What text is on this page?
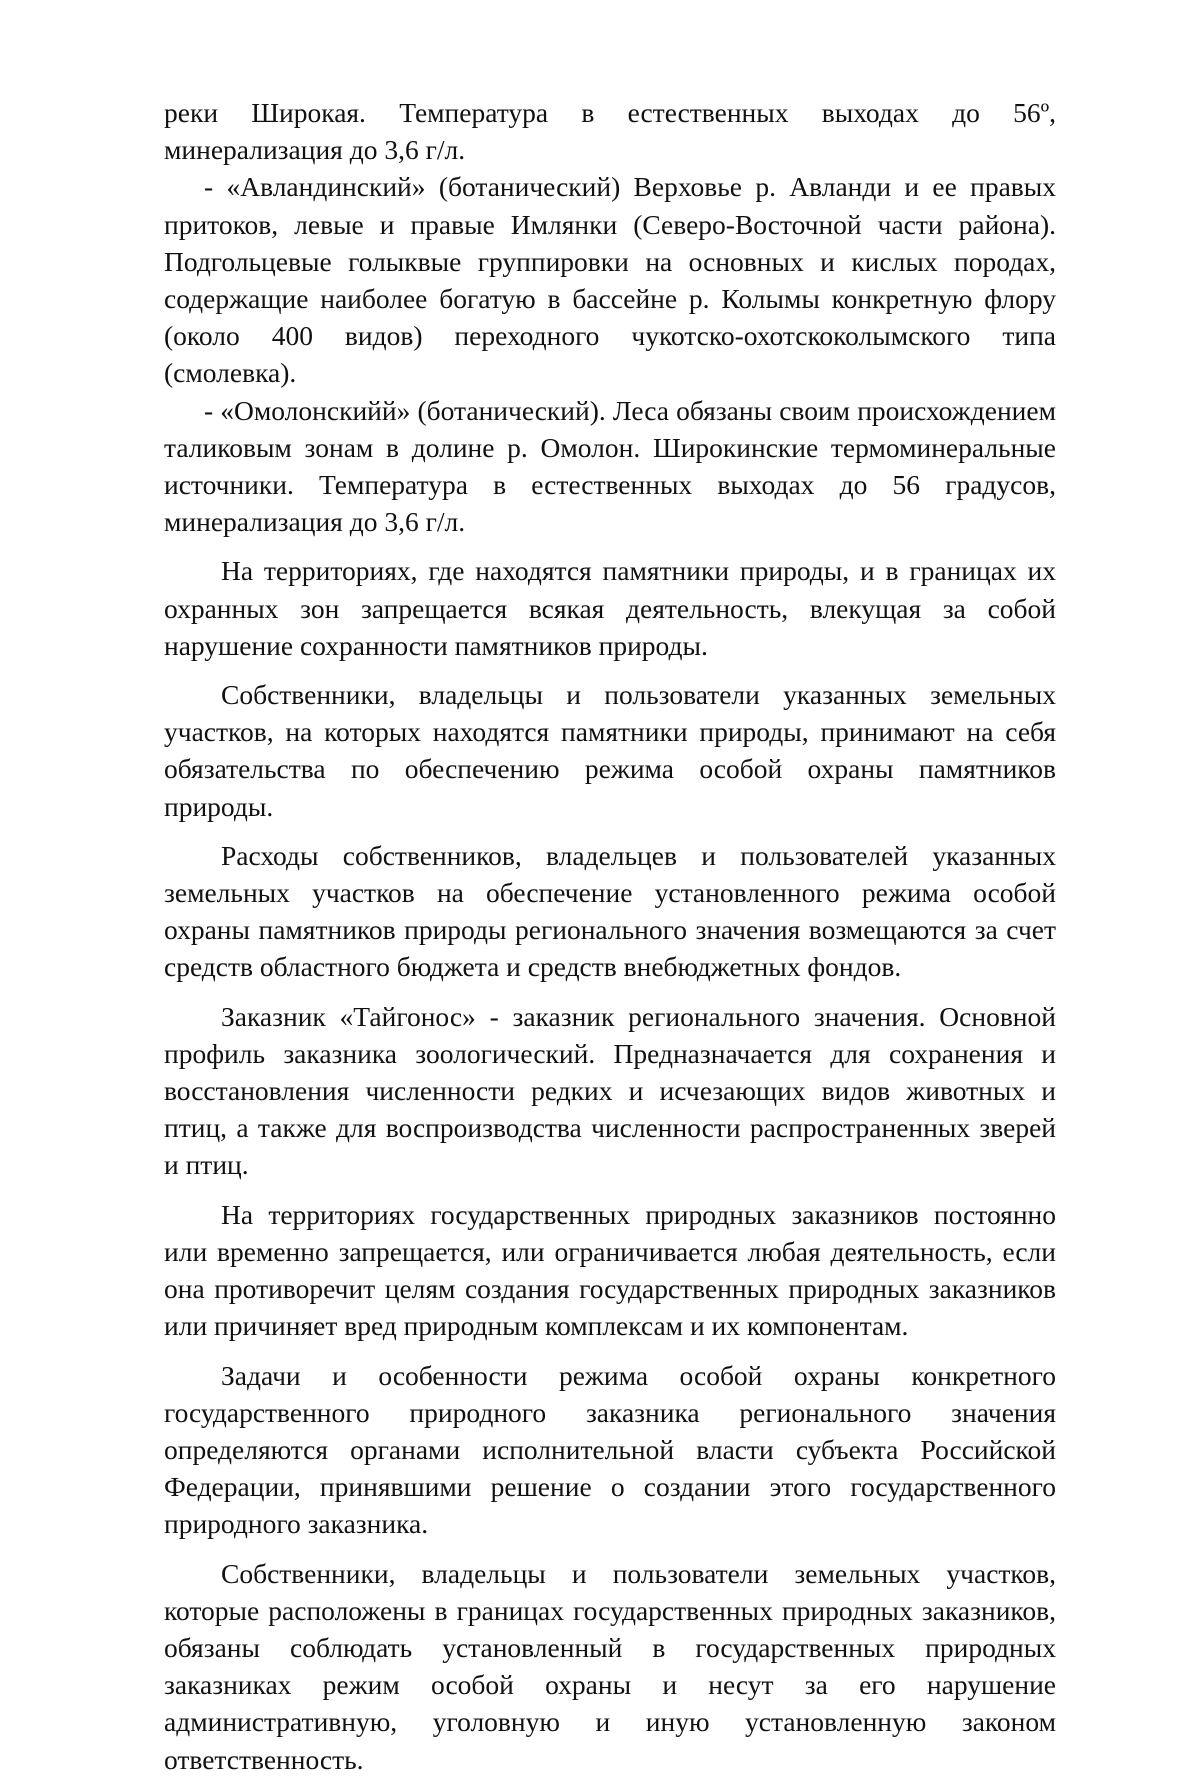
реки Широкая. Температура в естественных выходах до 56º, минерализация до 3,6 г/л.

- «Авландинский» (ботанический) Верховье р. Авланди и ее правых притоков, левые и правые Имлянки (Северо-Восточной части района). Подгольцевые голыквые группировки на основных и кислых породах, содержащие наиболее богатую в бассейне р. Колымы конкретную флору (около 400 видов) переходного чукотско-охотскоколымского типа (смолевка).

- «Омолонскийй» (ботанический). Леса обязаны своим происхождением таликовым зонам в долине р. Омолон. Широкинские термоминеральные источники. Температура в естественных выходах до 56 градусов, минерализация до 3,6 г/л.

На территориях, где находятся памятники природы, и в границах их охранных зон запрещается всякая деятельность, влекущая за собой нарушение сохранности памятников природы.

Собственники, владельцы и пользователи указанных земельных участков, на которых находятся памятники природы, принимают на себя обязательства по обеспечению режима особой охраны памятников природы.

Расходы собственников, владельцев и пользователей указанных земельных участков на обеспечение установленного режима особой охраны памятников природы регионального значения возмещаются за счет средств областного бюджета и средств внебюджетных фондов.

Заказник «Тайгонос» - заказник регионального значения. Основной профиль заказника зоологический. Предназначается для сохранения и восстановления численности редких и исчезающих видов животных и птиц, а также для воспроизводства численности распространенных зверей и птиц.

На территориях государственных природных заказников постоянно или временно запрещается, или ограничивается любая деятельность, если она противоречит целям создания государственных природных заказников или причиняет вред природным комплексам и их компонентам.

Задачи и особенности режима особой охраны конкретного государственного природного заказника регионального значения определяются органами исполнительной власти субъекта Российской Федерации, принявшими решение о создании этого государственного природного заказника.

Собственники, владельцы и пользователи земельных участков, которые расположены в границах государственных природных заказников, обязаны соблюдать установленный в государственных природных заказниках режим особой охраны и несут за его нарушение административную, уголовную и иную установленную законом ответственность.
